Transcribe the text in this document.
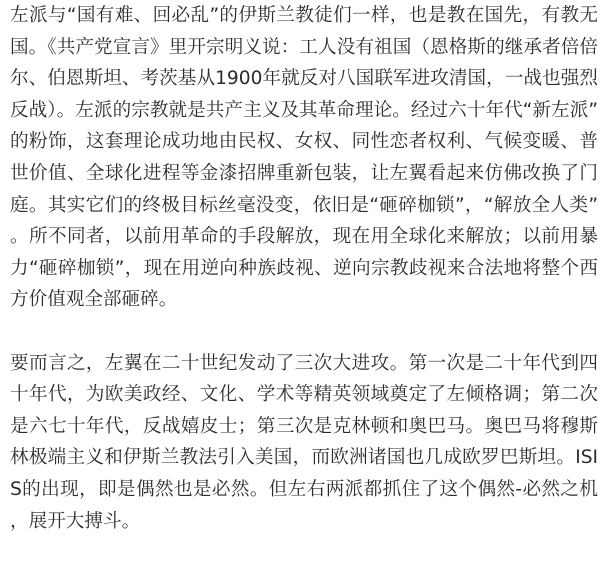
左派与“国有难、回必乱”的伊斯兰教徒们一样，也是教在国先，有教无国。《共产党宣言》里开宗明义说：工人没有祖国（恩格斯的继承者倍倍尔、伯恩斯坦、考茨基从1900年就反对八国联军进攻清国，一战也强烈反战）。左派的宗教就是共产主义及其革命理论。经过六十年代“新左派”的粉饰，这套理论成功地由民权、女权、同性恋者权利、气候变暖、普世价值、全球化进程等金漆招牌重新包装，让左翼看起来仿佛改换了门庭。其实它们的终极目标丝毫没变，依旧是“砸碎枷锁”，“解放全人类”。所不同者，以前用革命的手段解放，现在用全球化来解放；以前用暴力“砸碎枷锁”，现在用逆向种族歧视、逆向宗教歧视来合法地将整个西方价值观全部砸碎。

要而言之，左翼在二十世纪发动了三次大进攻。第一次是二十年代到四十年代，为欧美政经、文化、学术等精英领域奠定了左倾格调；第二次是六七十年代，反战嬉皮士；第三次是克林顿和奥巴马。奥巴马将穆斯林极端主义和伊斯兰教法引入美国，而欧洲诸国也几成欧罗巴斯坦。ISIS的出现，即是偶然也是必然。但左右两派都抓住了这个偶然-必然之机，展开大搏斗。
